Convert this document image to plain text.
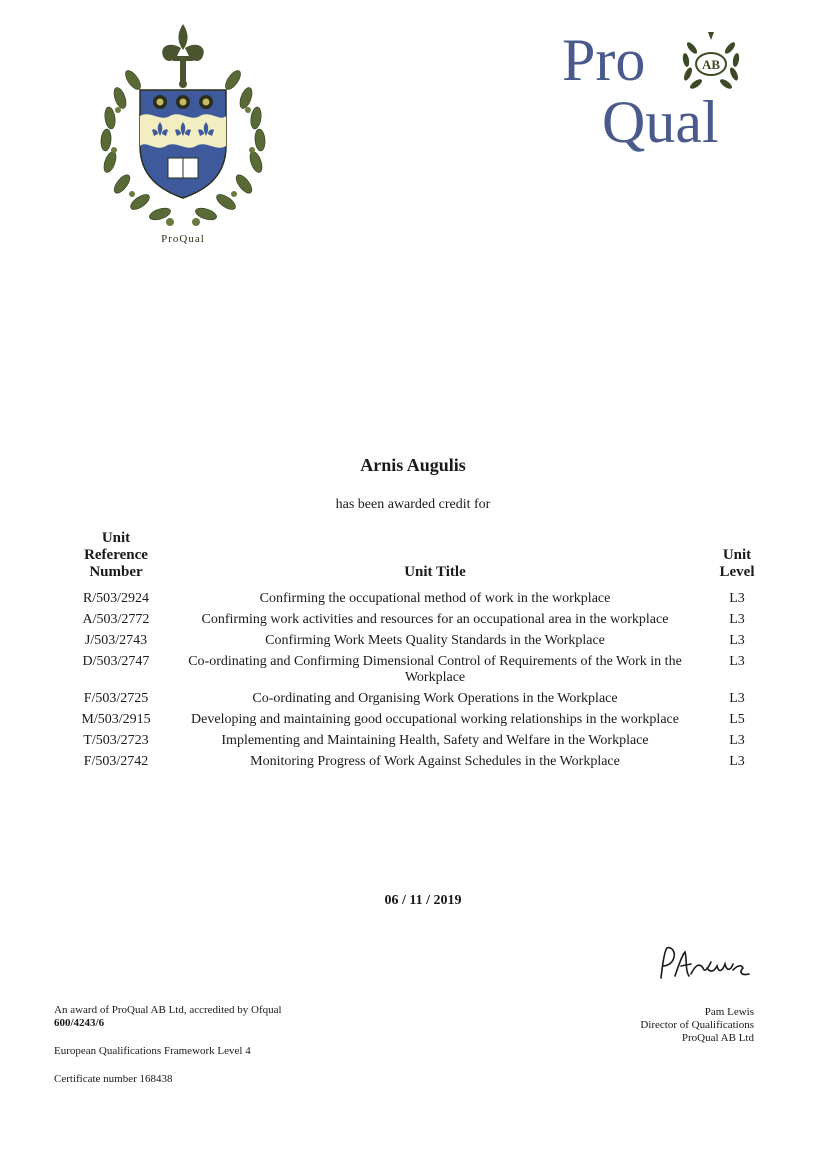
ProQual
Pro
Qual
AB
Arnis Augulis
has been awarded credit for
Unit
Reference
Number	Unit Title	Unit
Level
R/503/2924	Confirming the occupational method of work in the workplace	L3
A/503/2772	Confirming work activities and resources for an occupational area in the workplace	L3
J/503/2743	Confirming Work Meets Quality Standards in the Workplace	L3
D/503/2747	Co-ordinating and Confirming Dimensional Control of Requirements of the Work in the Workplace	L3
F/503/2725	Co-ordinating and Organising Work Operations in the Workplace	L3
M/503/2915	Developing and maintaining good occupational working relationships in the workplace	L5
T/503/2723	Implementing and Maintaining Health, Safety and Welfare in the Workplace	L3
F/503/2742	Monitoring Progress of Work Against Schedules in the Workplace	L3
06 / 11 / 2019
Pam Lewis
Director of Qualifications
ProQual AB Ltd
An award of ProQual AB Ltd, accredited by Ofqual
600/4243/6
European Qualifications Framework Level 4
Certificate number 168438
